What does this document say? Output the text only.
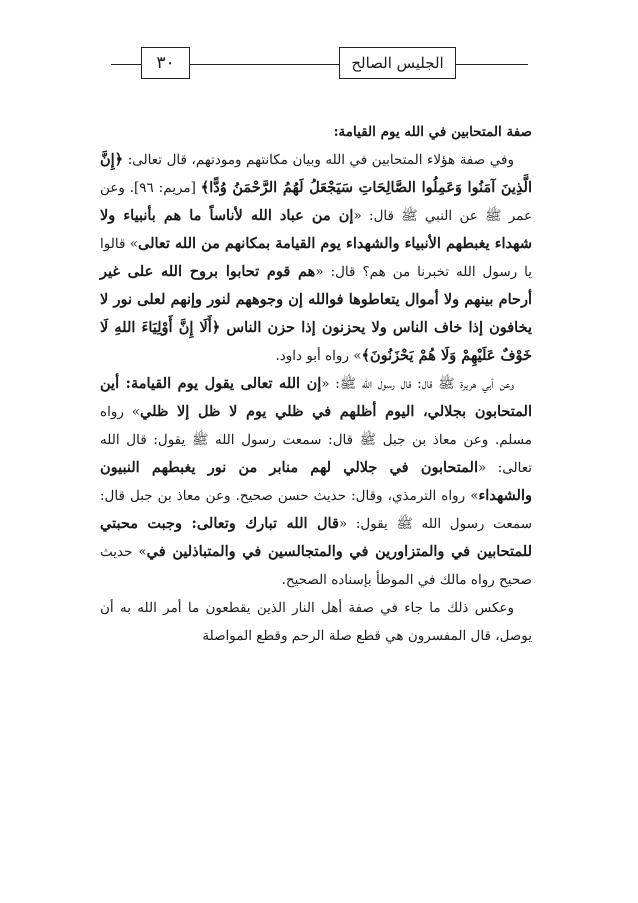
٣٠	الجليس الصالح

صفة المتحابين في الله يوم القيامة:

وفي صفة هؤلاء المتحابين في الله وبيان مكانتهم ومودتهم، قال تعالى: ﴿إِنَّ الَّذِينَ آمَنُوا وَعَمِلُوا الصَّالِحَاتِ سَيَجْعَلُ لَهُمُ الرَّحْمَنُ وُدًّا﴾ [مريم: ٩٦]. وعن عمر ﷺ عن النبي ﷺ قال: «إن من عباد الله لأناساً ما هم بأنبياء ولا شهداء يغبطهم الأنبياء والشهداء يوم القيامة بمكانهم من الله تعالى» قالوا يا رسول الله تخبرنا من هم؟ قال: «هم قوم تحابوا بروح الله على غير أرحام بينهم ولا أموال يتعاطوها فوالله إن وجوههم لنور وإنهم لعلى نور لا يخافون إذا خاف الناس ولا يحزنون إذا حزن الناس ﴿أَلَا إِنَّ أَوْلِيَاءَ اللهِ لَا خَوْفٌ عَلَيْهِمْ وَلَا هُمْ يَحْزَنُونَ﴾» رواه أبو داود.

وعن أبي هريرة ﷺ قال: قال رسول الله ﷺ: «إن الله تعالى يقول يوم القيامة: أين المتحابون بجلالي، اليوم أظلهم في ظلي يوم لا ظل إلا ظلي» رواه مسلم. وعن معاذ بن جبل ﷺ قال: سمعت رسول الله ﷺ يقول: قال الله تعالى: «المتحابون في جلالي لهم منابر من نور يغبطهم النبيون والشهداء» رواه الترمذي، وقال: حديث حسن صحيح. وعن معاذ بن جبل قال: سمعت رسول الله ﷺ يقول: «قال الله تبارك وتعالى: وجبت محبتي للمتحابين في والمتزاورين في والمتجالسين في والمتباذلين في» حديث صحيح رواه مالك في الموطأ بإسناده الصحيح.

وعكس ذلك ما جاء في صفة أهل النار الذين يقطعون ما أمر الله به أن يوصل، قال المفسرون هي قطع صلة الرحم وقطع المواصلة
